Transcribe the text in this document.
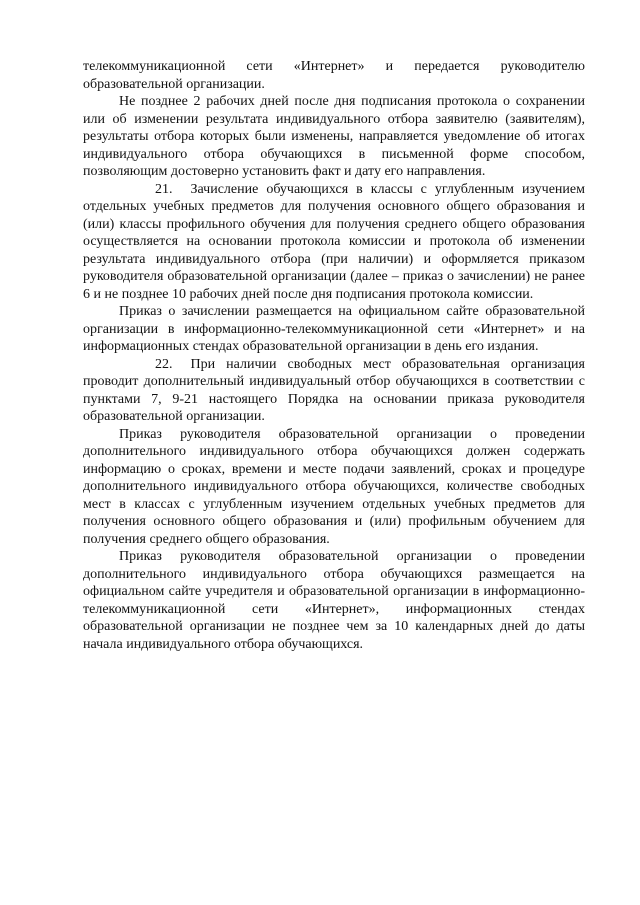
телекоммуникационной сети «Интернет» и передается руководителю образовательной организации.

Не позднее 2 рабочих дней после дня подписания протокола о сохранении или об изменении результата индивидуального отбора заявителю (заявителям), результаты отбора которых были изменены, направляется уведомление об итогах индивидуального отбора обучающихся в письменной форме способом, позволяющим достоверно установить факт и дату его направления.

21. Зачисление обучающихся в классы с углубленным изучением отдельных учебных предметов для получения основного общего образования и (или) классы профильного обучения для получения среднего общего образования осуществляется на основании протокола комиссии и протокола об изменении результата индивидуального отбора (при наличии) и оформляется приказом руководителя образовательной организации (далее – приказ о зачислении) не ранее 6 и не позднее 10 рабочих дней после дня подписания протокола комиссии.

Приказ о зачислении размещается на официальном сайте образовательной организации в информационно-телекоммуникационной сети «Интернет» и на информационных стендах образовательной организации в день его издания.

22. При наличии свободных мест образовательная организация проводит дополнительный индивидуальный отбор обучающихся в соответствии с пунктами 7, 9-21 настоящего Порядка на основании приказа руководителя образовательной организации.

Приказ руководителя образовательной организации о проведении дополнительного индивидуального отбора обучающихся должен содержать информацию о сроках, времени и месте подачи заявлений, сроках и процедуре дополнительного индивидуального отбора обучающихся, количестве свободных мест в классах с углубленным изучением отдельных учебных предметов для получения основного общего образования и (или) профильным обучением для получения среднего общего образования.

Приказ руководителя образовательной организации о проведении дополнительного индивидуального отбора обучающихся размещается на официальном сайте учредителя и образовательной организации в информационно-телекоммуникационной сети «Интернет», информационных стендах образовательной организации не позднее чем за 10 календарных дней до даты начала индивидуального отбора обучающихся.
